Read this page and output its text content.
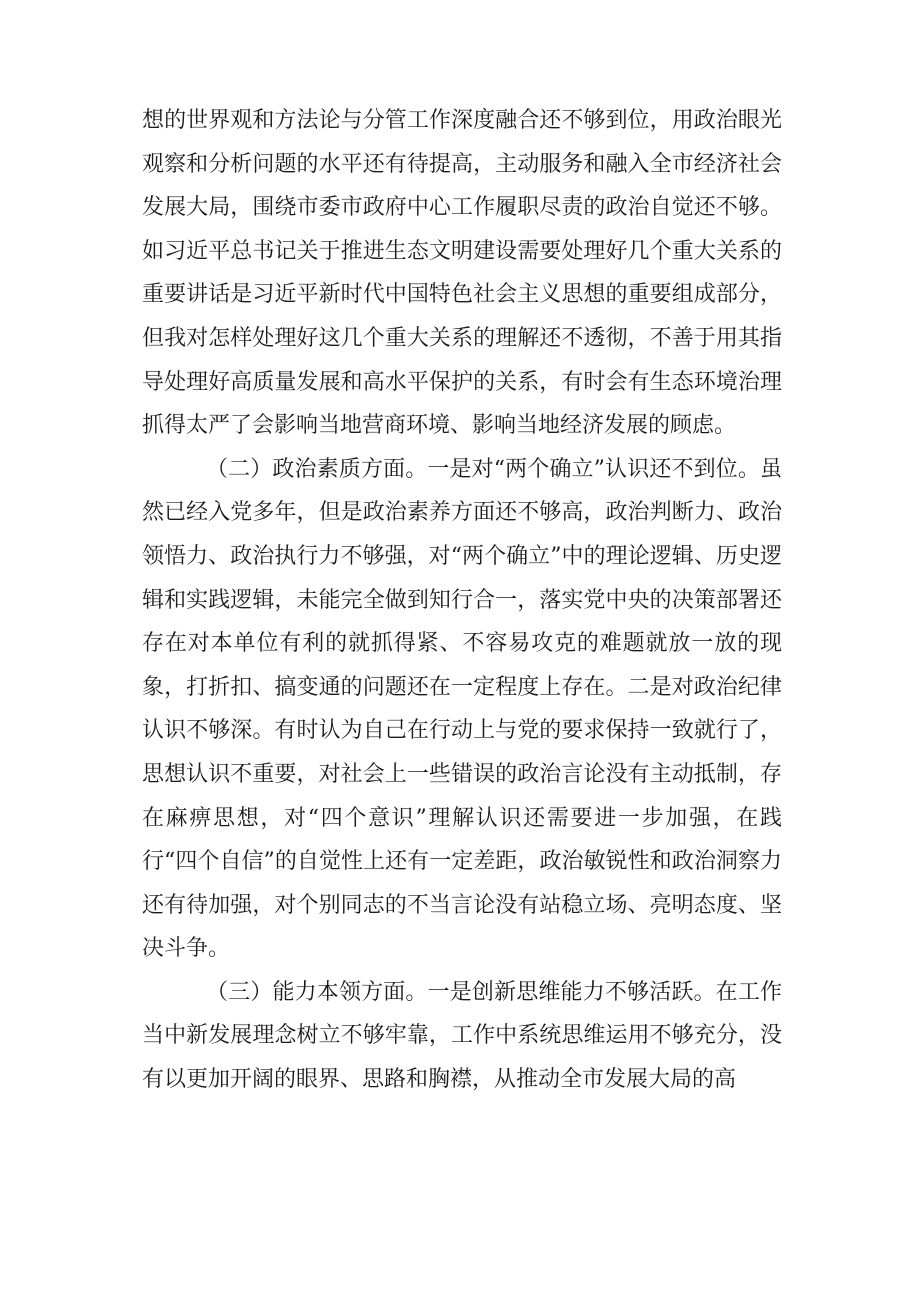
想的世界观和方法论与分管工作深度融合还不够到位，用政治眼光观察和分析问题的水平还有待提高，主动服务和融入全市经济社会发展大局，围绕市委市政府中心工作履职尽责的政治自觉还不够。如习近平总书记关于推进生态文明建设需要处理好几个重大关系的重要讲话是习近平新时代中国特色社会主义思想的重要组成部分，但我对怎样处理好这几个重大关系的理解还不透彻，不善于用其指导处理好高质量发展和高水平保护的关系，有时会有生态环境治理抓得太严了会影响当地营商环境、影响当地经济发展的顾虑。

（二）政治素质方面。一是对“两个确立”认识还不到位。虽然已经入党多年，但是政治素养方面还不够高，政治判断力、政治领悟力、政治执行力不够强，对“两个确立”中的理论逻辑、历史逻辑和实践逻辑，未能完全做到知行合一，落实党中央的决策部署还存在对本单位有利的就抓得紧、不容易攻克的难题就放一放的现象，打折扣、搞变通的问题还在一定程度上存在。二是对政治纪律认识不够深。有时认为自己在行动上与党的要求保持一致就行了，思想认识不重要，对社会上一些错误的政治言论没有主动抵制，存在麻痹思想，对“四个意识”理解认识还需要进一步加强，在践行“四个自信”的自觉性上还有一定差距，政治敏锐性和政治洞察力还有待加强，对个别同志的不当言论没有站稳立场、亮明态度、坚决斗争。

（三）能力本领方面。一是创新思维能力不够活跃。在工作当中新发展理念树立不够牢靠，工作中系统思维运用不够充分，没有以更加开阔的眼界、思路和胸襟，从推动全市发展大局的高
